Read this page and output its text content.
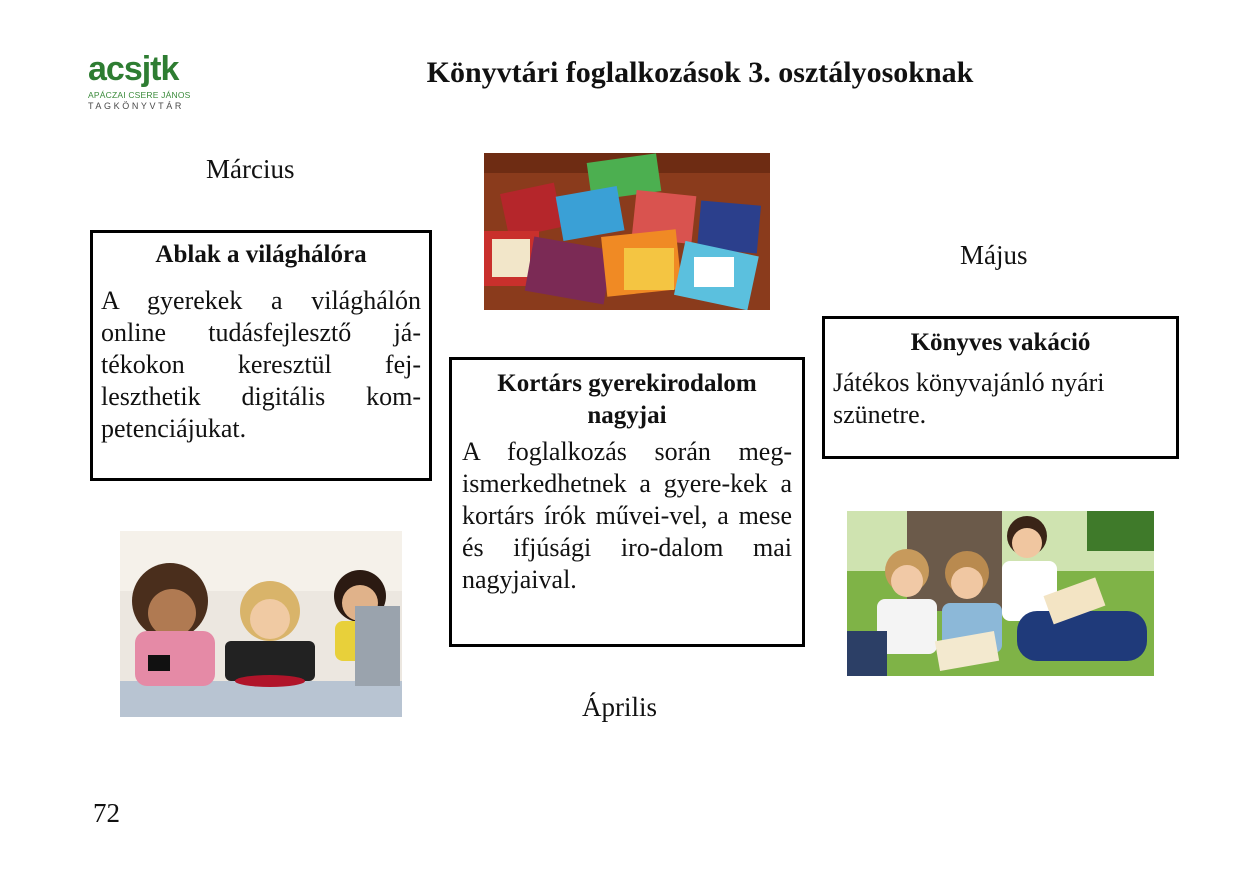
acsjtk
APÁCZAI CSERE JÁNOS
TAGKÖNYVTÁR
Könyvtári foglalkozások 3. osztályosoknak
Március
Május
Április
Ablak a világhálóra

A gyerekek a világhálón online tudásfejlesztő já-tékokon keresztül fej-leszthetik digitális kom-petenciájukat.

Kortárs gyerekirodalom nagyjai

A foglalkozás során meg-ismerkedhetnek a gyere-kek a kortárs írók művei-vel, a mese és ifjúsági iro-dalom mai nagyjaival.

Könyves vakáció

Játékos könyvajánló nyári szünetre.

72
